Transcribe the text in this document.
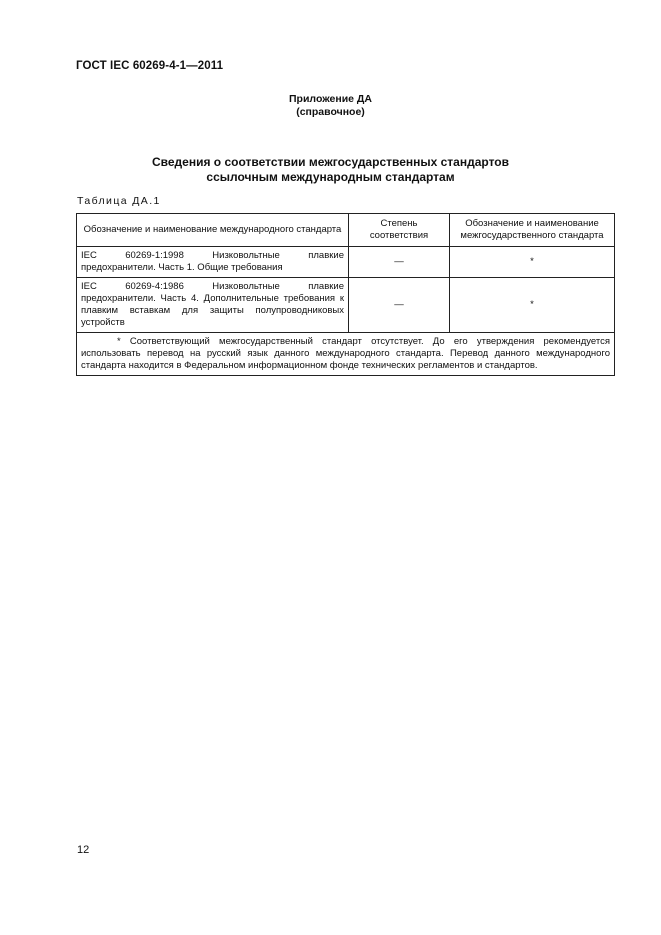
ГОСТ IEC 60269-4-1—2011
Приложение ДА
(справочное)
Сведения о соответствии межгосударственных стандартов
ссылочным международным стандартам
Таблица ДА.1
Обозначение и наименование международного стандарта	Степень соответствия	Обозначение и наименование межгосударственного стандарта
IEC 60269-1:1998 Низковольтные плавкие предохранители. Часть 1. Общие требования	—	*
IEC 60269-4:1986 Низковольтные плавкие предохранители. Часть 4. Дополнительные требования к плавким вставкам для защиты полупроводниковых устройств	—	*
* Соответствующий межгосударственный стандарт отсутствует. До его утверждения рекомендуется использовать перевод на русский язык данного международного стандарта. Перевод данного международного стандарта находится в Федеральном информационном фонде технических регламентов и стандартов.		
12
